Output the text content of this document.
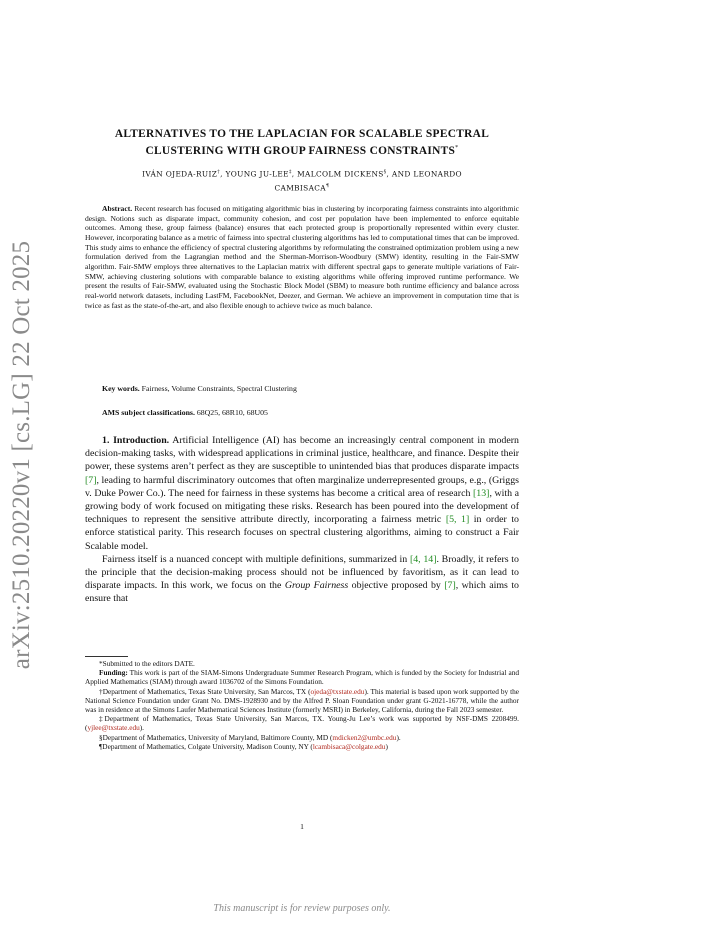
arXiv:2510.20220v1 [cs.LG] 22 Oct 2025
ALTERNATIVES TO THE LAPLACIAN FOR SCALABLE SPECTRAL
CLUSTERING WITH GROUP FAIRNESS CONSTRAINTS*
IVÁN OJEDA-RUIZ†, YOUNG JU-LEE‡, MALCOLM DICKENS§, AND LEONARDO
CAMBISACA¶
Abstract. Recent research has focused on mitigating algorithmic bias in clustering by incorporating fairness constraints into algorithmic design. Notions such as disparate impact, community cohesion, and cost per population have been implemented to enforce equitable outcomes. Among these, group fairness (balance) ensures that each protected group is proportionally represented within every cluster. However, incorporating balance as a metric of fairness into spectral clustering algorithms has led to computational times that can be improved. This study aims to enhance the efficiency of spectral clustering algorithms by reformulating the constrained optimization problem using a new formulation derived from the Lagrangian method and the Sherman-Morrison-Woodbury (SMW) identity, resulting in the Fair-SMW algorithm. Fair-SMW employs three alternatives to the Laplacian matrix with different spectral gaps to generate multiple variations of Fair-SMW, achieving clustering solutions with comparable balance to existing algorithms while offering improved runtime performance. We present the results of Fair-SMW, evaluated using the Stochastic Block Model (SBM) to measure both runtime efficiency and balance across real-world network datasets, including LastFM, FacebookNet, Deezer, and German. We achieve an improvement in computation time that is twice as fast as the state-of-the-art, and also flexible enough to achieve twice as much balance.
Key words. Fairness, Volume Constraints, Spectral Clustering
AMS subject classifications. 68Q25, 68R10, 68U05

1. Introduction. Artificial Intelligence (AI) has become an increasingly central component in modern decision-making tasks, with widespread applications in criminal justice, healthcare, and finance. Despite their power, these systems aren’t perfect as they are susceptible to unintended bias that produces disparate impacts [7], leading to harmful discriminatory outcomes that often marginalize underrepresented groups, e.g., (Griggs v. Duke Power Co.). The need for fairness in these systems has become a critical area of research [13], with a growing body of work focused on mitigating these risks. Research has been poured into the development of techniques to represent the sensitive attribute directly, incorporating a fairness metric [5, 1] in order to enforce statistical parity. This research focuses on spectral clustering algorithms, aiming to construct a Fair Scalable model.

Fairness itself is a nuanced concept with multiple definitions, summarized in [4, 14]. Broadly, it refers to the principle that the decision-making process should not be influenced by favoritism, as it can lead to disparate impacts. In this work, we focus on the Group Fairness objective proposed by [7], which aims to ensure that

*Submitted to the editors DATE.

Funding: This work is part of the SIAM-Simons Undergraduate Summer Research Program, which is funded by the Society for Industrial and Applied Mathematics (SIAM) through award 1036702 of the Simons Foundation.

†Department of Mathematics, Texas State University, San Marcos, TX (ojeda@txstate.edu). This material is based upon work supported by the National Science Foundation under Grant No. DMS-1928930 and by the Alfred P. Sloan Foundation under grant G-2021-16778, while the author was in residence at the Simons Laufer Mathematical Sciences Institute (formerly MSRI) in Berkeley, California, during the Fall 2023 semester.

‡Department of Mathematics, Texas State University, San Marcos, TX. Young-Ju Lee’s work was supported by NSF-DMS 2208499. (yjlee@txstate.edu).

§Department of Mathematics, University of Maryland, Baltimore County, MD (mdicken2@umbc.edu).

¶Department of Mathematics, Colgate University, Madison County, NY (lcambisaca@colgate.edu)

1
This manuscript is for review purposes only.
